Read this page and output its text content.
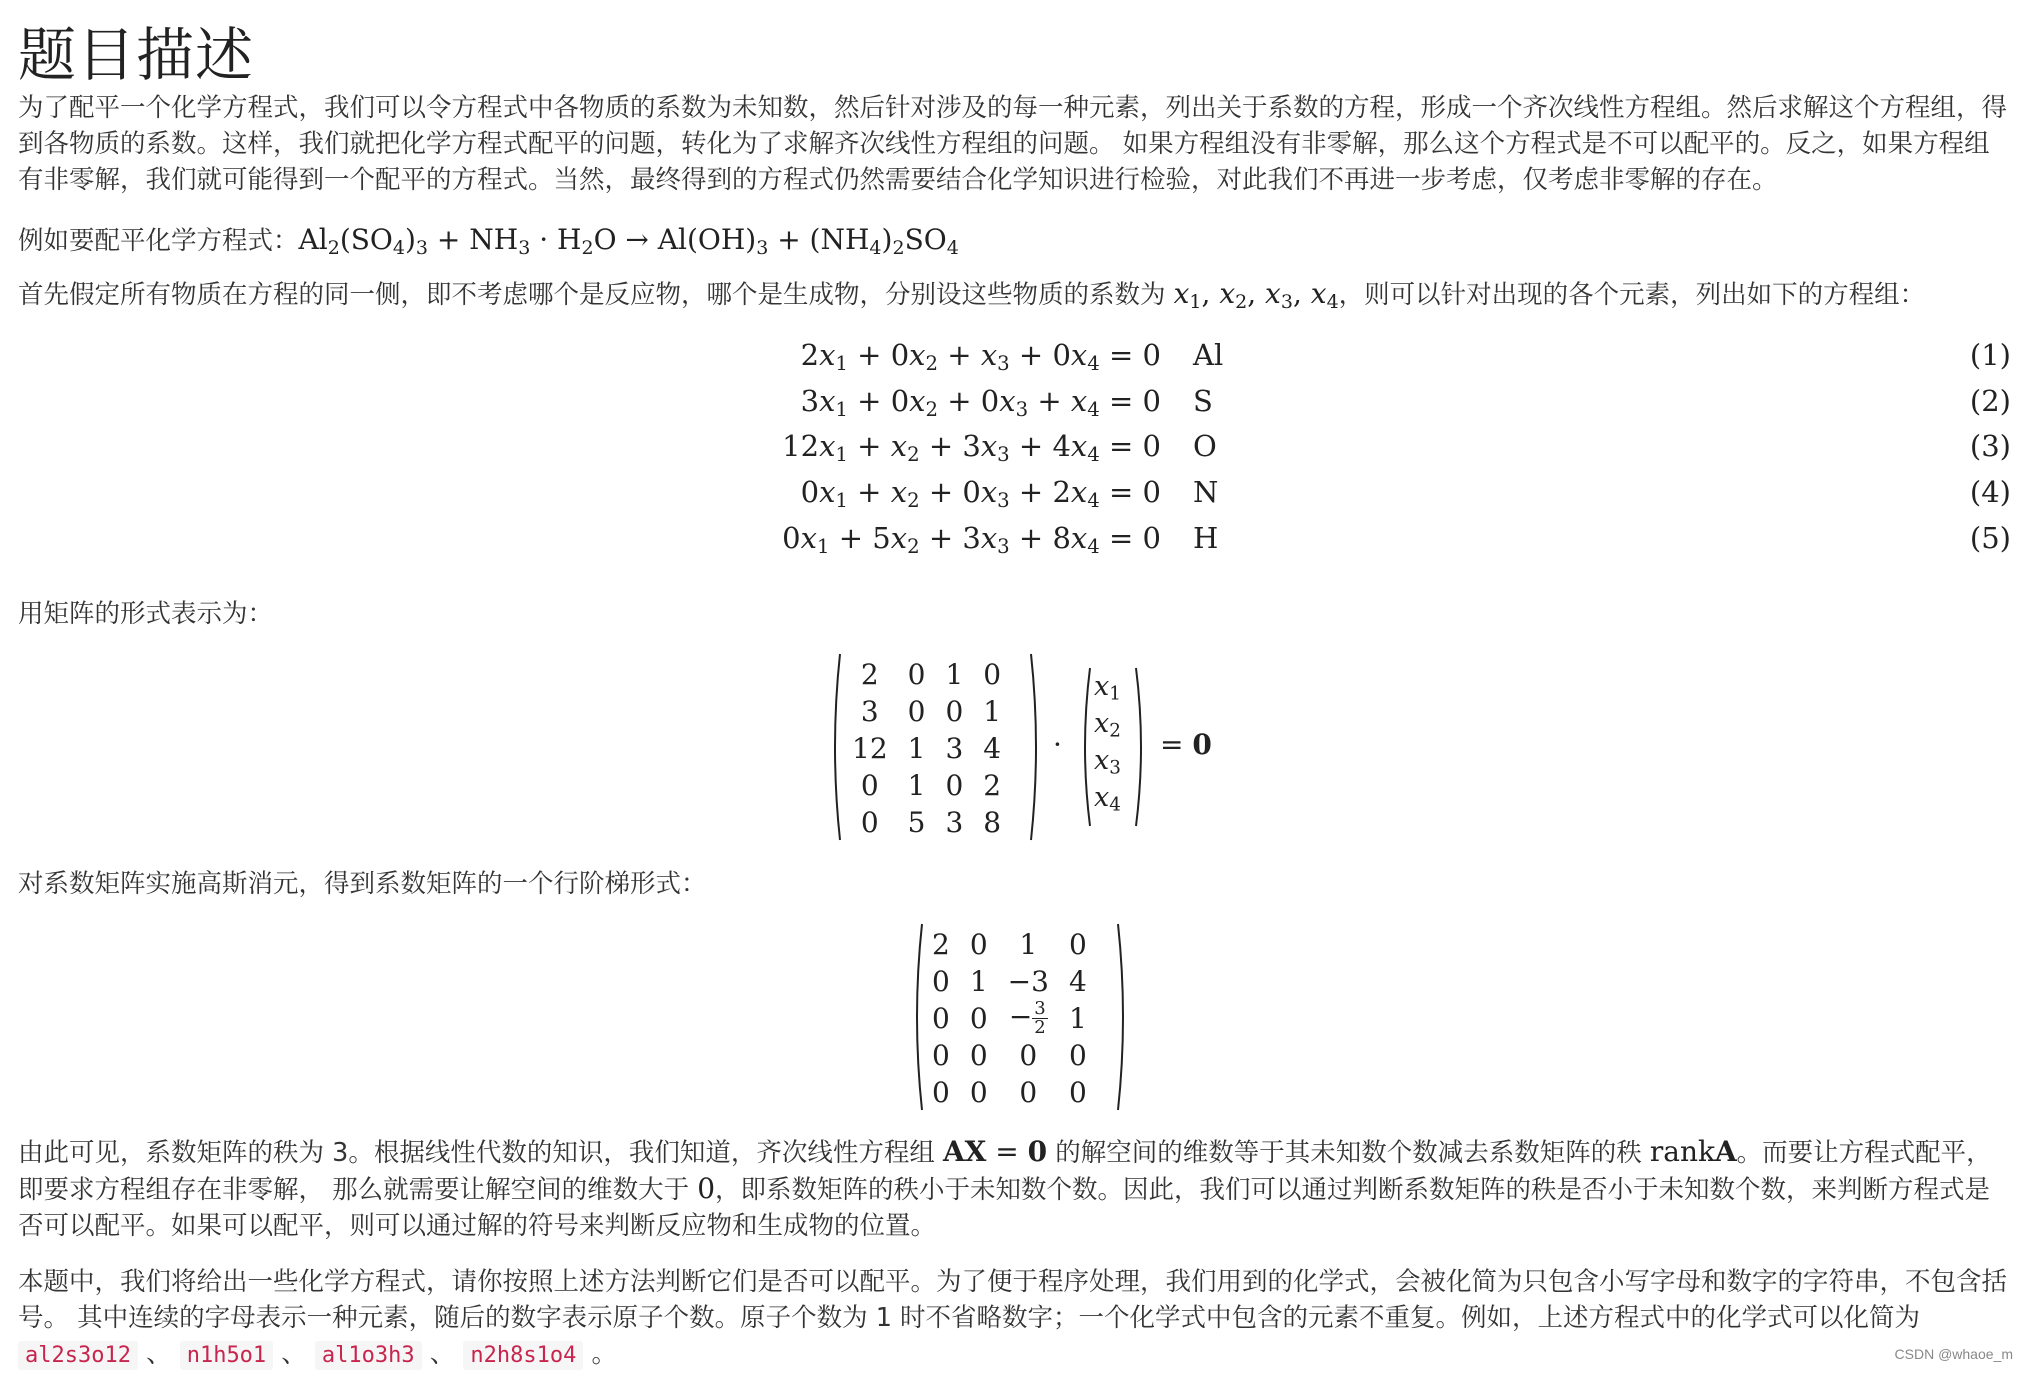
题目描述

为了配平一个化学方程式，我们可以令方程式中各物质的系数为未知数，然后针对涉及的每一种元素，列出关于系数的方程，形成一个齐次线性方程组。然后求解这个方程组，得到各物质的系数。这样，我们就把化学方程式配平的问题，转化为了求解齐次线性方程组的问题。 如果方程组没有非零解，那么这个方程式是不可以配平的。反之，如果方程组有非零解，我们就可能得到一个配平的方程式。当然，最终得到的方程式仍然需要结合化学知识进行检验，对此我们不再进一步考虑，仅考虑非零解的存在。

例如要配平化学方程式：$Al_2(SO_4)_3 + NH_3 \cdot H_2O \to Al(OH)_3 + (NH_4)_2SO_4$

首先假定所有物质在方程的同一侧，即不考虑哪个是反应物，哪个是生成物，分别设这些物质的系数为 $x_1$, $x_2$, $x_3$, $x_4$，则可以针对出现的各个元素，列出如下的方程组：

$2x_1 + 0x_2 + x_3 + 0x_4 = 0$ Al	(1)
$3x_1 + 0x_2 + 0x_3 + x_4 = 0$ S	(2)
$12x_1 + x_2 + 3x_3 + 4x_4 = 0$ O	(3)
$0x_1 + x_2 + 0x_3 + 2x_4 = 0$ N	(4)
$0x_1 + 5x_2 + 3x_3 + 8x_4 = 0$ H	(5)

用矩阵的形式表示为：

2	0	1	0
3	0	0	1
12	1	3	4
0	1	0	2
0	5	3	8
·
$x_1$
$x_2$
$x_3$
$x_4$
= 0

对系数矩阵实施高斯消元，得到系数矩阵的一个行阶梯形式：

2	0	1	0
0	1	−3	4
0	0	− $\frac{3}{2}$	1
0	0	0	0
0	0	0	0

由此可见，系数矩阵的秩为 3。根据线性代数的知识，我们知道，齐次线性方程组 AX = 0 的解空间的维数等于其未知数个数减去系数矩阵的秩 rankA。而要让方程式配平，即要求方程组存在非零解， 那么就需要让解空间的维数大于 0，即系数矩阵的秩小于未知数个数。因此，我们可以通过判断系数矩阵的秩是否小于未知数个数，来判断方程式是否可以配平。如果可以配平，则可以通过解的符号来判断反应物和生成物的位置。

本题中，我们将给出一些化学方程式，请你按照上述方法判断它们是否可以配平。为了便于程序处理，我们用到的化学式，会被化简为只包含小写字母和数字的字符串，不包含括号。 其中连续的字母表示一种元素，随后的数字表示原子个数。原子个数为 1 时不省略数字；一个化学式中包含的元素不重复。例如，上述方程式中的化学式可以化简为
al2s3o12 、 n1h5o1 、 al1o3h3 、 n2h8s1o4 。	CSDN @whaoe_m
